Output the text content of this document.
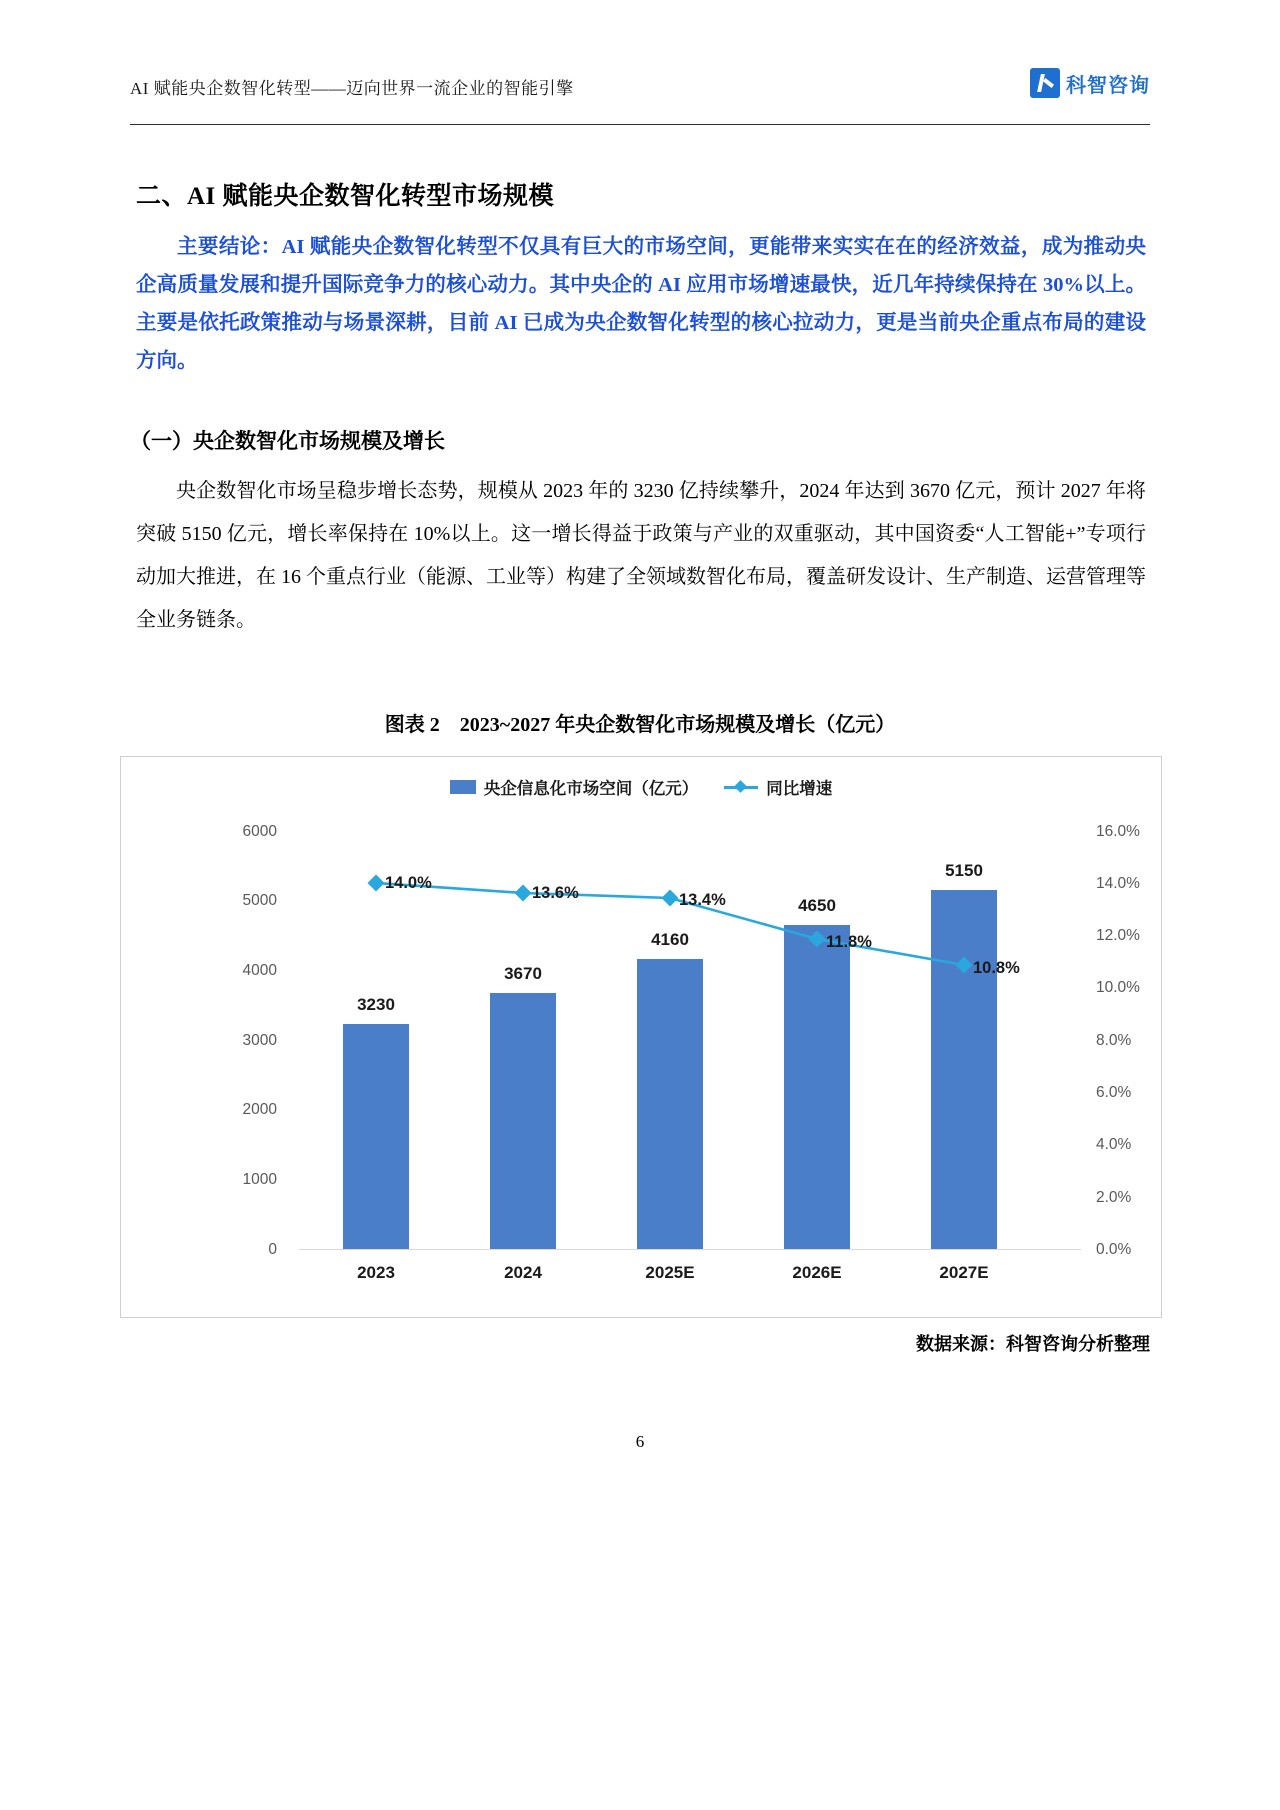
AI 赋能央企数智化转型——迈向世界一流企业的智能引擎	科智咨询
二、AI 赋能央企数智化转型市场规模
主要结论：AI 赋能央企数智化转型不仅具有巨大的市场空间，更能带来实实在在的经济效益，成为推动央企高质量发展和提升国际竞争力的核心动力。其中央企的 AI 应用市场增速最快，近几年持续保持在 30%以上。主要是依托政策推动与场景深耕，目前 AI 已成为央企数智化转型的核心拉动力，更是当前央企重点布局的建设方向。
（一）央企数智化市场规模及增长
央企数智化市场呈稳步增长态势，规模从 2023 年的 3230 亿持续攀升，2024 年达到 3670 亿元，预计 2027 年将突破 5150 亿元，增长率保持在 10%以上。这一增长得益于政策与产业的双重驱动，其中国资委“人工智能+”专项行动加大推进，在 16 个重点行业（能源、工业等）构建了全领域数智化布局，覆盖研发设计、生产制造、运营管理等全业务链条。
图表 2　2023~2027 年央企数智化市场规模及增长（亿元）
央企信息化市场空间（亿元）	同比增速
0
1000
2000
3000
4000
5000
6000
0.0%
2.0%
4.0%
6.0%
8.0%
10.0%
12.0%
14.0%
16.0%
3230
3670
4160
4650
5150
14.0%
13.6%	13.4%
11.8%
10.8%
2023	2024	2025E	2026E	2027E
数据来源：科智咨询分析整理
6
